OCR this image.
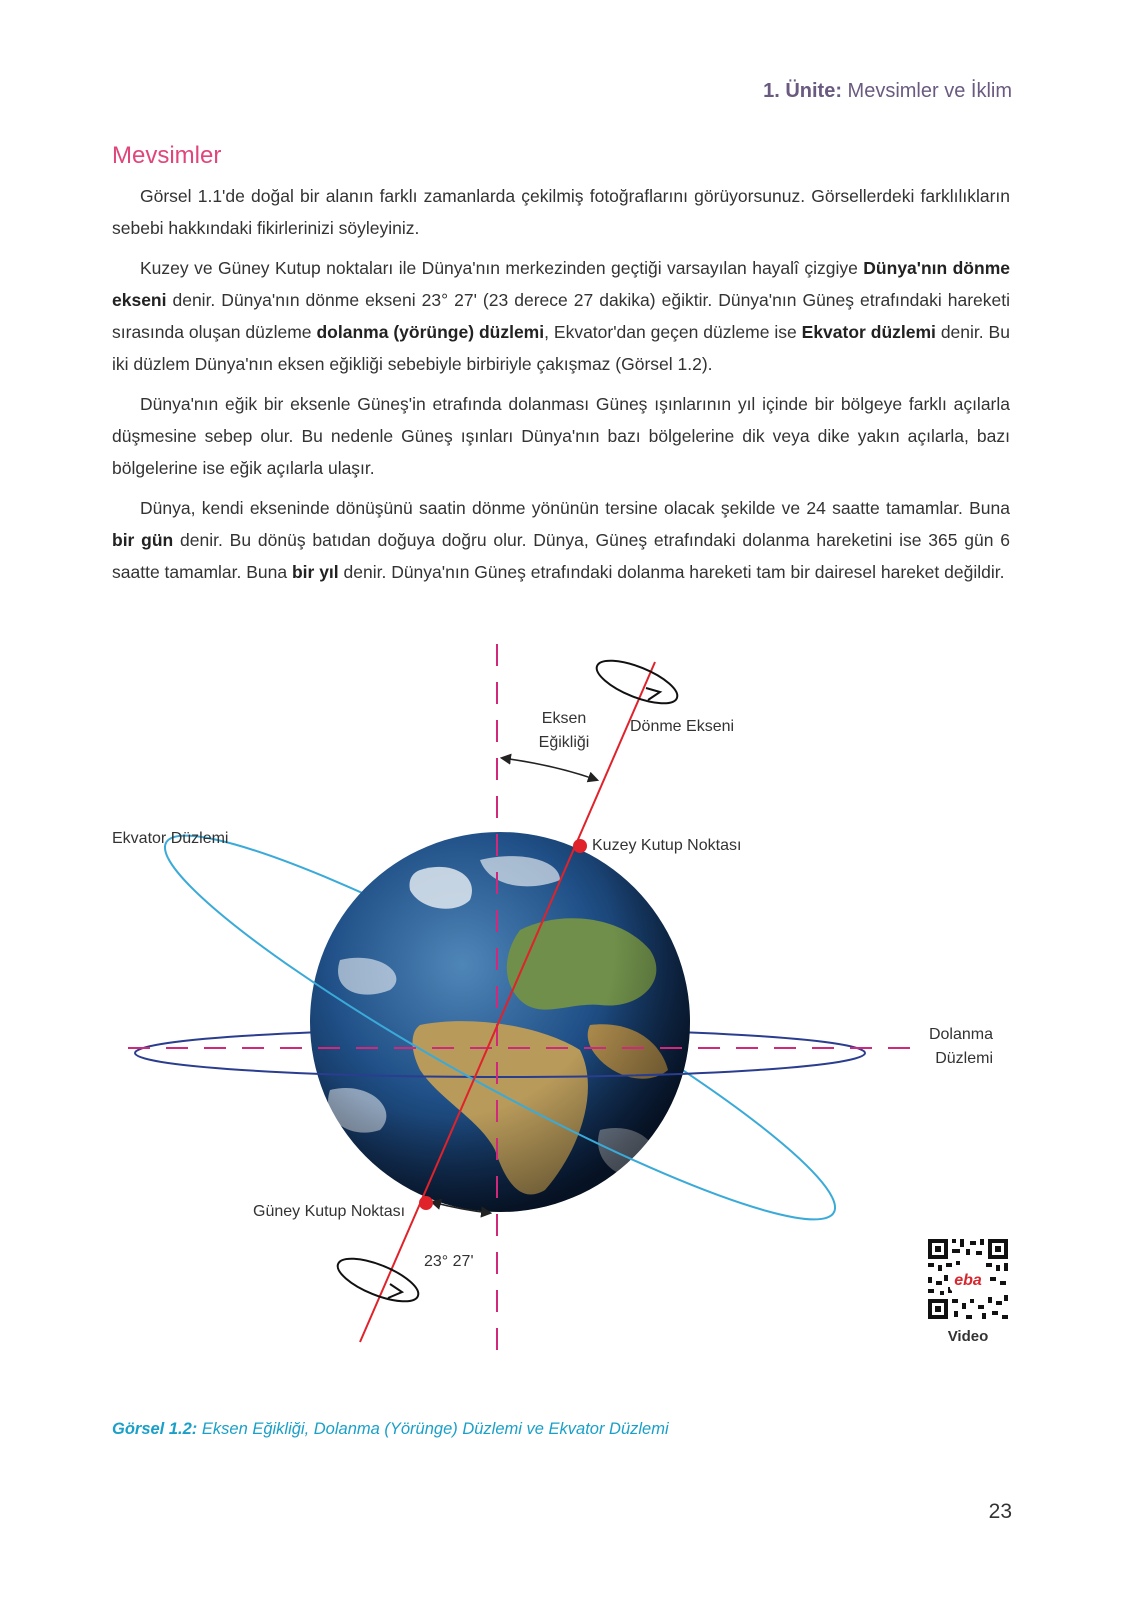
1. Ünite: Mevsimler ve İklim
Mevsimler

Görsel 1.1'de doğal bir alanın farklı zamanlarda çekilmiş fotoğraflarını görüyorsunuz. Görsellerdeki farklılıkların sebebi hakkındaki fikirlerinizi söyleyiniz.

Kuzey ve Güney Kutup noktaları ile Dünya'nın merkezinden geçtiği varsayılan hayalî çizgiye Dünya'nın dönme ekseni denir. Dünya'nın dönme ekseni 23° 27' (23 derece 27 dakika) eğiktir. Dünya'nın Güneş etrafındaki hareketi sırasında oluşan düzleme dolanma (yörünge) düzlemi, Ekvator'dan geçen düzleme ise Ekvator düzlemi denir. Bu iki düzlem Dünya'nın eksen eğikliği sebebiyle birbiriyle çakışmaz (Görsel 1.2).

Dünya'nın eğik bir eksenle Güneş'in etrafında dolanması Güneş ışınlarının yıl içinde bir bölgeye farklı açılarla düşmesine sebep olur. Bu nedenle Güneş ışınları Dünya'nın bazı bölgelerine dik veya dike yakın açılarla, bazı bölgelerine ise eğik açılarla ulaşır.

Dünya, kendi ekseninde dönüşünü saatin dönme yönünün tersine olacak şekilde ve 24 saatte tamamlar. Buna bir gün denir. Bu dönüş batıdan doğuya doğru olur. Dünya, Güneş etrafındaki dolanma hareketini ise 365 gün 6 saatte tamamlar. Buna bir yıl denir. Dünya'nın Güneş etrafındaki dolanma hareketi tam bir dairesel hareket değildir.

Eksen
Eğikliği
Dönme Ekseni
Ekvator Düzlemi	Kuzey Kutup Noktası
Dolanma
Düzlemi
Güney Kutup Noktası
23° 27'
eba
Video
Görsel 1.2: Eksen Eğikliği, Dolanma (Yörünge) Düzlemi ve Ekvator Düzlemi
23
